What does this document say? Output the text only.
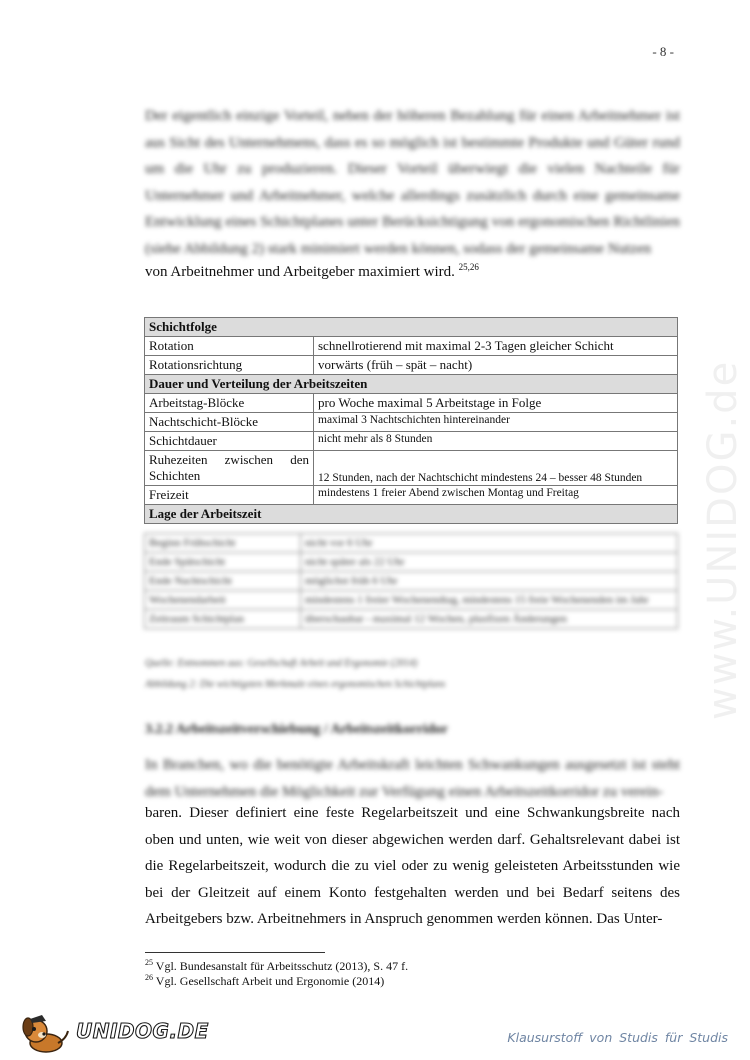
- 8 -

Der eigentlich einzige Vorteil, neben der höheren Bezahlung für einen Arbeitnehmer ist aus Sicht des Unternehmens, dass es so möglich ist bestimmte Produkte und Güter rund um die Uhr zu produzieren. Dieser Vorteil überwiegt die vielen Nachteile für Unternehmer und Arbeitnehmer, welche allerdings zusätzlich durch eine gemeinsame Entwicklung eines Schichtplanes unter Berücksichtigung von ergonomischen Richtlinien (siehe Abbildung 2) stark minimiert werden können, sodass der gemeinsame Nutzen

von Arbeitnehmer und Arbeitgeber maximiert wird. $^{25,26}$

Schichtfolge	
Rotation	schnellrotierend mit maximal 2-3 Tagen gleicher Schicht
Rotationsrichtung	vorwärts (früh – spät – nacht)
Dauer und Verteilung der Arbeitszeiten	
Arbeitstag-Blöcke	pro Woche maximal 5 Arbeitstage in Folge
Nachtschicht-Blöcke	maximal 3 Nachtschichten hintereinander
Schichtdauer	nicht mehr als 8 Stunden
Ruhezeiten zwischen den Schichten	12 Stunden, nach der Nachtschicht mindestens 24 – besser 48 Stunden
Freizeit	mindestens 1 freier Abend zwischen Montag und Freitag
Lage der Arbeitszeit	
Beginn Frühschicht	nicht vor 6 Uhr
Ende Spätschicht	nicht später als 22 Uhr
Ende Nachtschicht	möglichst früh 6 Uhr
Wochenendarbeit	mindestens 1 freier Wochenendtag, mindestens 15 freie Wochenenden im Jahr
Zeitraum Schichtplan	überschaubar - maximal 12 Wochen, plusfixen Änderungen

Quelle: Entnommen aus: Gesellschaft Arbeit und Ergonomie (2014)

Abbildung 2: Die wichtigsten Merkmale eines ergonomischen Schichtplans

3.2.2 Arbeitszeitverschiebung / Arbeitszeitkorridor

In Branchen, wo die benötigte Arbeitskraft leichten Schwankungen ausgesetzt ist steht dem Unternehmen die Möglichkeit zur Verfügung einen Arbeitszeitkorridor zu verein-

baren. Dieser definiert eine feste Regelarbeitszeit und eine Schwankungsbreite nach oben und unten, wie weit von dieser abgewichen werden darf. Gehaltsrelevant dabei ist die Regelarbeitszeit, wodurch die zu viel oder zu wenig geleisteten Arbeitsstunden wie bei der Gleitzeit auf einem Konto festgehalten werden und bei Bedarf seitens des Arbeitgebers bzw. Arbeitnehmers in Anspruch genommen werden können. Das Unter-

$^{25}$ Vgl. Bundesanstalt für Arbeitsschutz (2013), S. 47 f.

$^{26}$ Vgl. Gesellschaft Arbeit und Ergonomie (2014)

www.UNIDOG.de
UNIDOG.DE	Klausurstoff von Studis für Studis
